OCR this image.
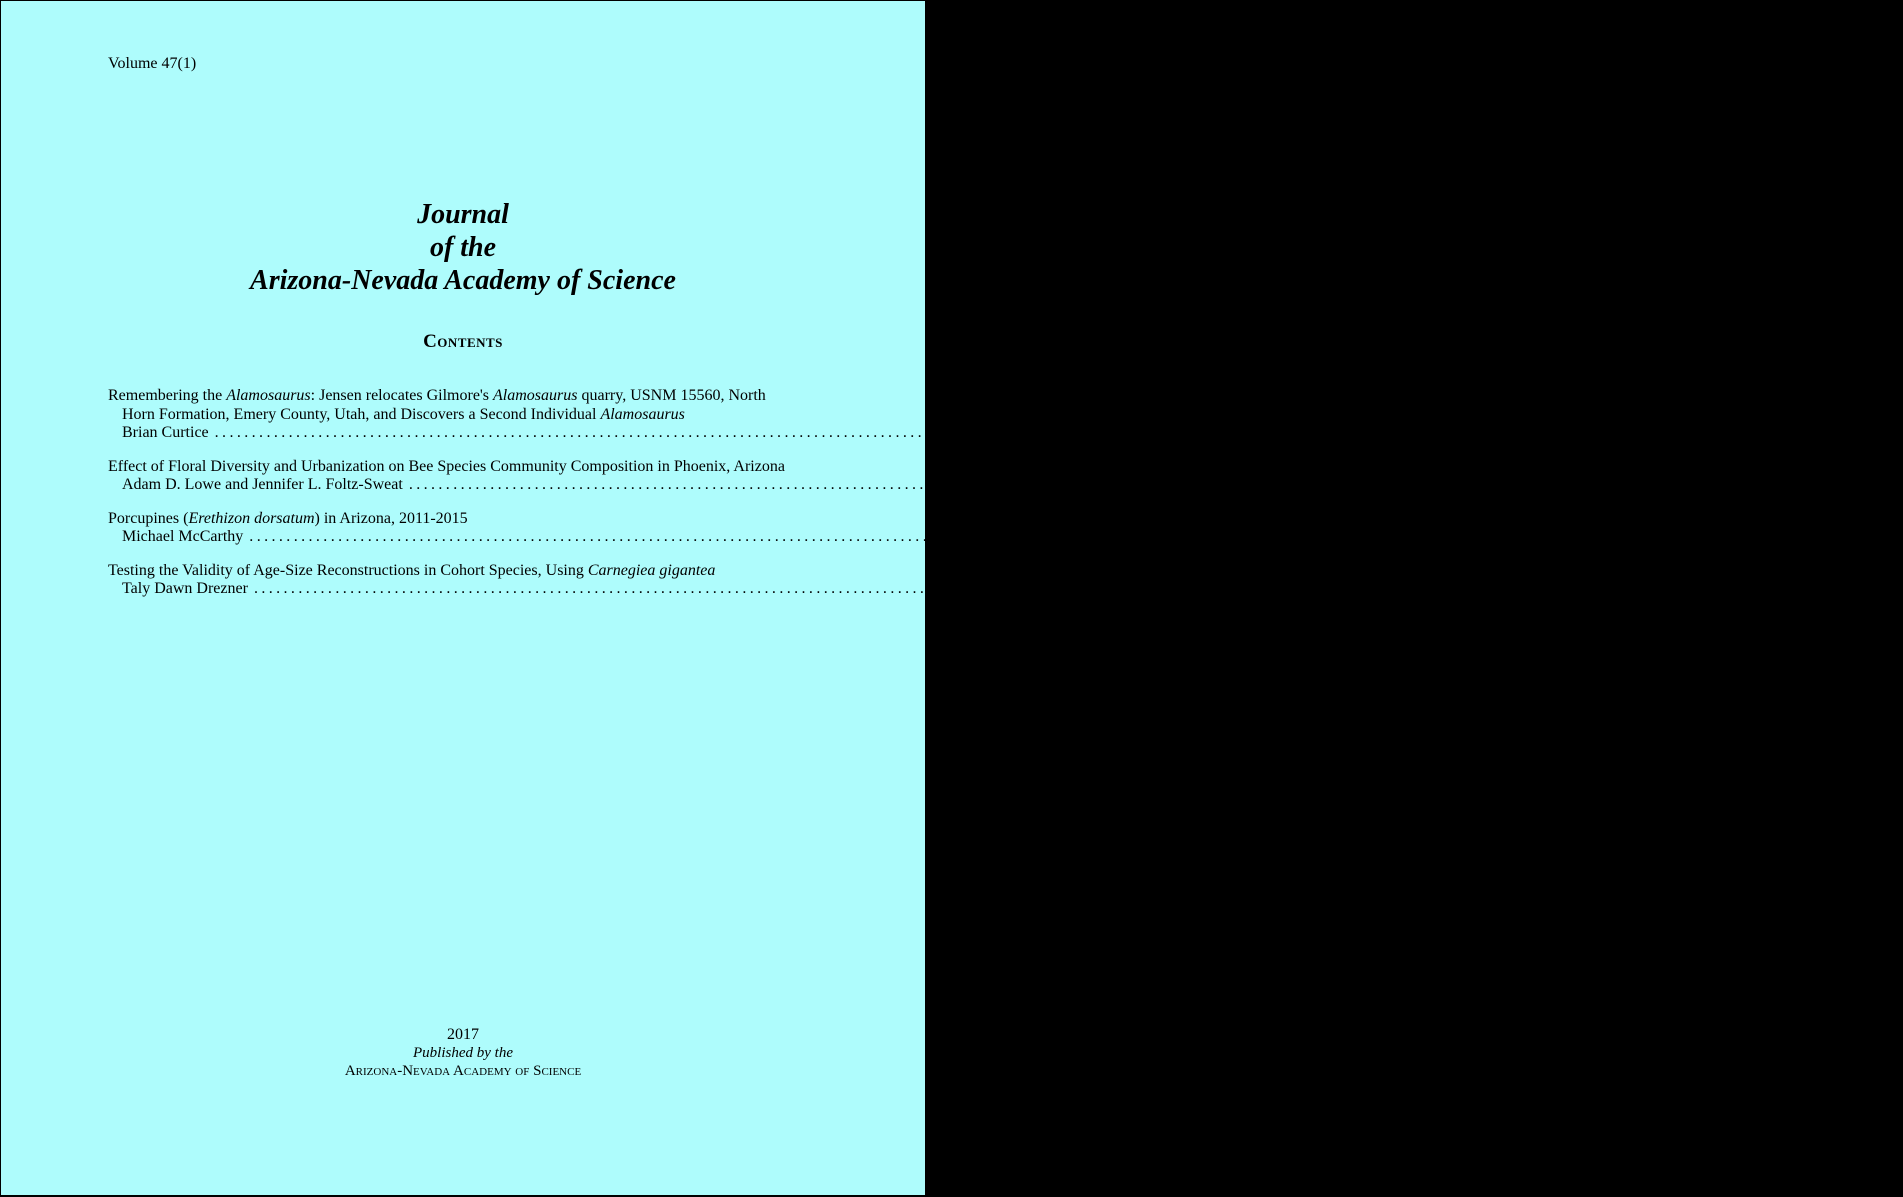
Volume 47(1)
Journal
of the
Arizona-Nevada Academy of Science
Contents
Remembering the Alamosaurus: Jensen relocates Gilmore's Alamosaurus quarry, USNM 15560, North
Horn Formation, Emery County, Utah, and Discovers a Second Individual Alamosaurus
Brian Curtice ........................................................................................................................................................................................................ 1
Effect of Floral Diversity and Urbanization on Bee Species Community Composition in Phoenix, Arizona
Adam D. Lowe and Jennifer L. Foltz-Sweat ........................................................................................................................................................................................................ 6
Porcupines (Erethizon dorsatum) in Arizona, 2011-2015
Michael McCarthy ........................................................................................................................................................................................................ 19
Testing the Validity of Age-Size Reconstructions in Cohort Species, Using Carnegiea gigantea
Taly Dawn Drezner ........................................................................................................................................................................................................ 23
2017
Published by the
Arizona-Nevada Academy of Science
